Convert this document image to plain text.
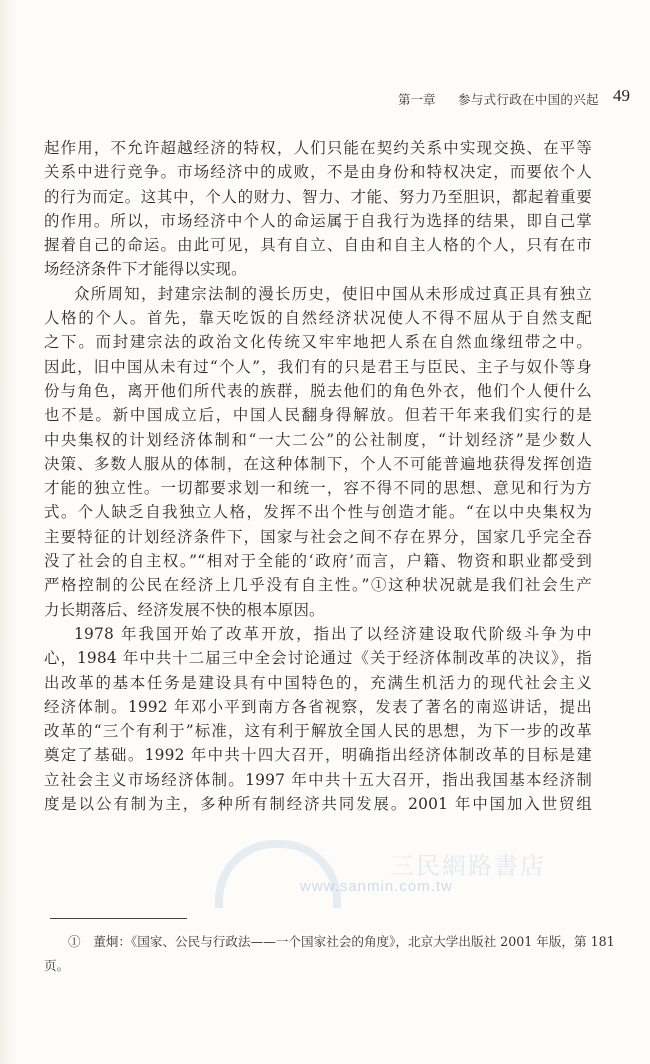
第一章 参与式行政在中国的兴起 49
三民網路書店
www.sanmin.com.tw
起作用，不允许超越经济的特权，人们只能在契约关系中实现交换、在平等
关系中进行竞争。市场经济中的成败，不是由身份和特权决定，而要依个人
的行为而定。这其中，个人的财力、智力、才能、努力乃至胆识，都起着重要
的作用。所以，市场经济中个人的命运属于自我行为选择的结果，即自己掌
握着自己的命运。由此可见，具有自立、自由和自主人格的个人，只有在市
场经济条件下才能得以实现。
众所周知，封建宗法制的漫长历史，使旧中国从未形成过真正具有独立
人格的个人。首先，靠天吃饭的自然经济状况使人不得不屈从于自然支配
之下。而封建宗法的政治文化传统又牢牢地把人系在自然血缘纽带之中。
因此，旧中国从未有过“个人”，我们有的只是君王与臣民、主子与奴仆等身
份与角色，离开他们所代表的族群，脱去他们的角色外衣，他们个人便什么
也不是。新中国成立后，中国人民翻身得解放。但若干年来我们实行的是
中央集权的计划经济体制和“一大二公”的公社制度，“计划经济”是少数人
决策、多数人服从的体制，在这种体制下，个人不可能普遍地获得发挥创造
才能的独立性。一切都要求划一和统一，容不得不同的思想、意见和行为方
式。个人缺乏自我独立人格，发挥不出个性与创造才能。“在以中央集权为
主要特征的计划经济条件下，国家与社会之间不存在界分，国家几乎完全吞
没了社会的自主权。”“相对于全能的‘政府’而言，户籍、物资和职业都受到
严格控制的公民在经济上几乎没有自主性。”①这种状况就是我们社会生产
力长期落后、经济发展不快的根本原因。
1978 年我国开始了改革开放，指出了以经济建设取代阶级斗争为中
心，1984 年中共十二届三中全会讨论通过《关于经济体制改革的决议》，指
出改革的基本任务是建设具有中国特色的，充满生机活力的现代社会主义
经济体制。1992 年邓小平到南方各省视察，发表了著名的南巡讲话，提出
改革的“三个有利于”标准，这有利于解放全国人民的思想，为下一步的改革
奠定了基础。1992 年中共十四大召开，明确指出经济体制改革的目标是建
立社会主义市场经济体制。1997 年中共十五大召开，指出我国基本经济制
度是以公有制为主，多种所有制经济共同发展。2001 年中国加入世贸组
①　董炯：《国家、公民与行政法——一个国家社会的角度》，北京大学出版社 2001 年版，第 181
页。
